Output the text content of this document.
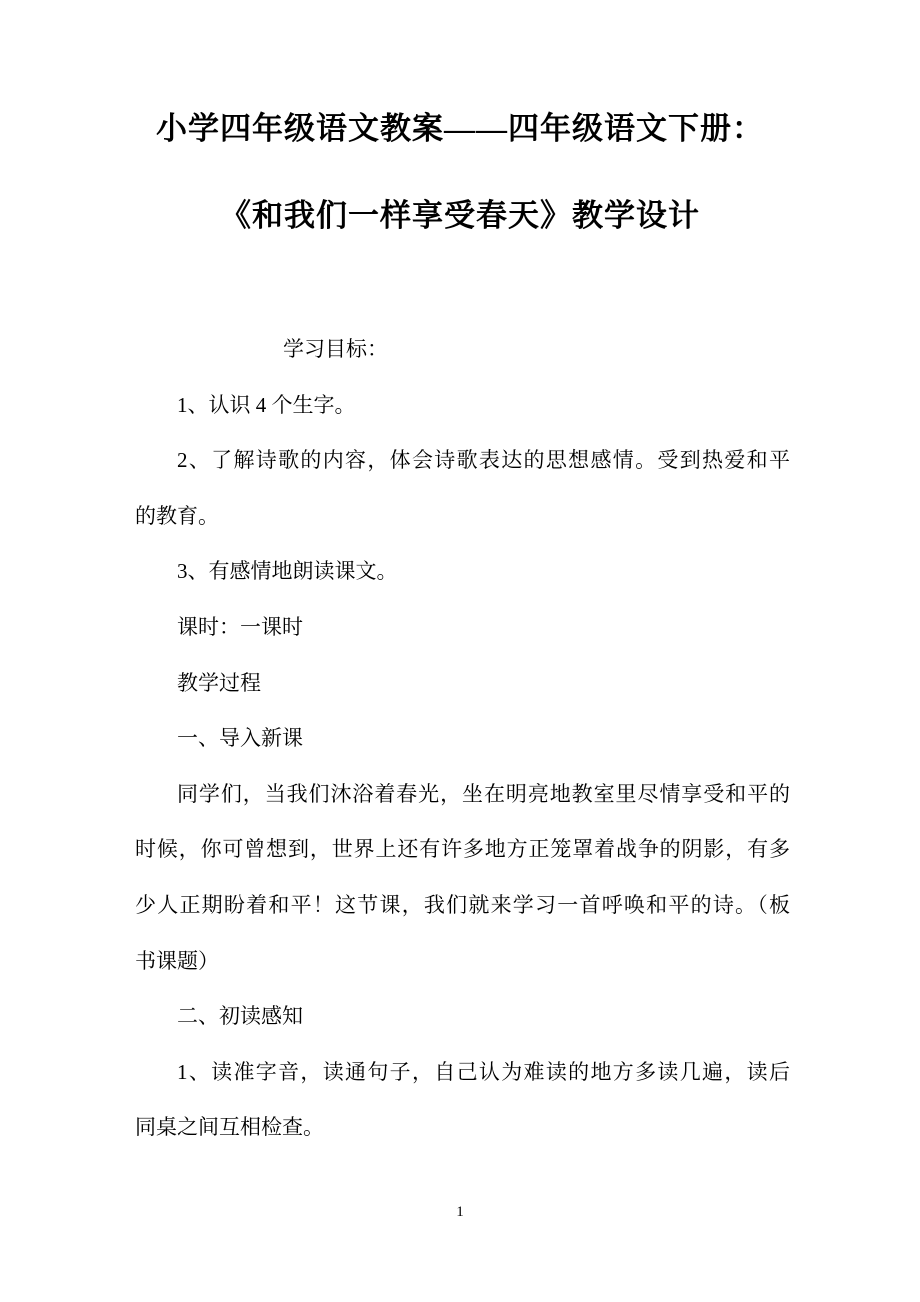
小学四年级语文教案——四年级语文下册：
《和我们一样享受春天》教学设计
学习目标：
1、认识 4 个生字。
2、了解诗歌的内容，体会诗歌表达的思想感情。受到热爱和平
的教育。
3、有感情地朗读课文。
课时：一课时
教学过程
一、导入新课
同学们，当我们沐浴着春光，坐在明亮地教室里尽情享受和平的
时候，你可曾想到，世界上还有许多地方正笼罩着战争的阴影，有多
少人正期盼着和平！这节课，我们就来学习一首呼唤和平的诗。（板
书课题）
二、初读感知
1、读准字音，读通句子，自己认为难读的地方多读几遍，读后
同桌之间互相检查。
1
